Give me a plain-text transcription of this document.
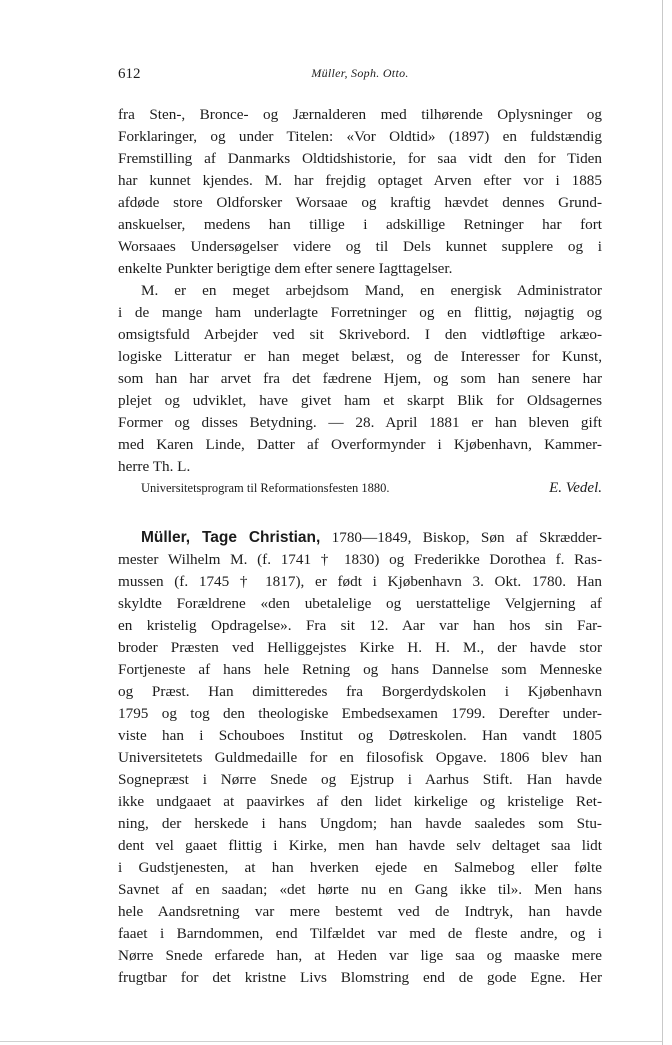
612	Müller, Soph. Otto.
fra Sten-, Bronce- og Jærnalderen med tilhørende Oplysninger og
Forklaringer, og under Titelen: «Vor Oldtid» (1897) en fuldstændig
Fremstilling af Danmarks Oldtidshistorie, for saa vidt den for Tiden
har kunnet kjendes. M. har frejdig optaget Arven efter vor i 1885
afdøde store Oldforsker Worsaae og kraftig hævdet dennes Grund-
anskuelser, medens han tillige i adskillige Retninger har fort
Worsaaes Undersøgelser videre og til Dels kunnet supplere og i
enkelte Punkter berigtige dem efter senere Iagttagelser.
M. er en meget arbejdsom Mand, en energisk Administrator
i de mange ham underlagte Forretninger og en flittig, nøjagtig og
omsigtsfuld Arbejder ved sit Skrivebord. I den vidtløftige arkæo-
logiske Litteratur er han meget belæst, og de Interesser for Kunst,
som han har arvet fra det fædrene Hjem, og som han senere har
plejet og udviklet, have givet ham et skarpt Blik for Oldsagernes
Former og disses Betydning. — 28. April 1881 er han bleven gift
med Karen Linde, Datter af Overformynder i Kjøbenhavn, Kammer-
herre Th. L.
Universitetsprogram til Reformationsfesten 1880.	E. Vedel.
Müller, Tage Christian, 1780—1849, Biskop, Søn af Skrædder-
mester Wilhelm M. (f. 1741 † 1830) og Frederikke Dorothea f. Ras-
mussen (f. 1745 † 1817), er født i Kjøbenhavn 3. Okt. 1780. Han
skyldte Forældrene «den ubetalelige og uerstattelige Velgjerning af
en kristelig Opdragelse». Fra sit 12. Aar var han hos sin Far-
broder Præsten ved Helliggejstes Kirke H. H. M., der havde stor
Fortjeneste af hans hele Retning og hans Dannelse som Menneske
og Præst. Han dimitteredes fra Borgerdydskolen i Kjøbenhavn
1795 og tog den theologiske Embedsexamen 1799. Derefter under-
viste han i Schouboes Institut og Døtreskolen. Han vandt 1805
Universitetets Guldmedaille for en filosofisk Opgave. 1806 blev han
Sognepræst i Nørre Snede og Ejstrup i Aarhus Stift. Han havde
ikke undgaaet at paavirkes af den lidet kirkelige og kristelige Ret-
ning, der herskede i hans Ungdom; han havde saaledes som Stu-
dent vel gaaet flittig i Kirke, men han havde selv deltaget saa lidt
i Gudstjenesten, at han hverken ejede en Salmebog eller følte
Savnet af en saadan; «det hørte nu en Gang ikke til». Men hans
hele Aandsretning var mere bestemt ved de Indtryk, han havde
faaet i Barndommen, end Tilfældet var med de fleste andre, og i
Nørre Snede erfarede han, at Heden var lige saa og maaske mere
frugtbar for det kristne Livs Blomstring end de gode Egne. Her
